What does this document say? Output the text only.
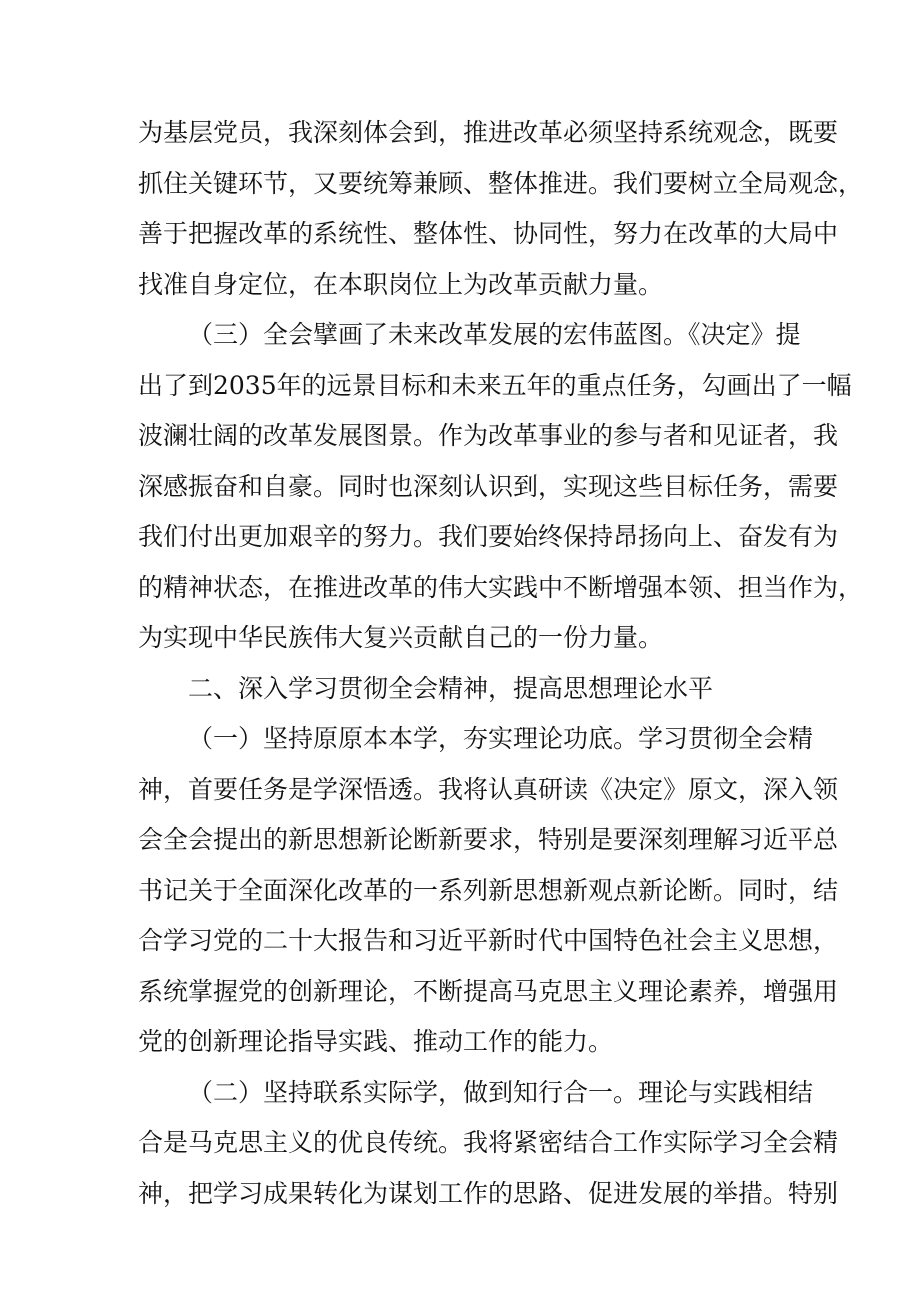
为基层党员，我深刻体会到，推进改革必须坚持系统观念，既要
抓住关键环节，又要统筹兼顾、整体推进。我们要树立全局观念，
善于把握改革的系统性、整体性、协同性，努力在改革的大局中
找准自身定位，在本职岗位上为改革贡献力量。
（三）全会擘画了未来改革发展的宏伟蓝图。《决定》提
出了到2035年的远景目标和未来五年的重点任务，勾画出了一幅
波澜壮阔的改革发展图景。作为改革事业的参与者和见证者，我
深感振奋和自豪。同时也深刻认识到，实现这些目标任务，需要
我们付出更加艰辛的努力。我们要始终保持昂扬向上、奋发有为
的精神状态，在推进改革的伟大实践中不断增强本领、担当作为，
为实现中华民族伟大复兴贡献自己的一份力量。
二、深入学习贯彻全会精神，提高思想理论水平
（一）坚持原原本本学，夯实理论功底。学习贯彻全会精
神，首要任务是学深悟透。我将认真研读《决定》原文，深入领
会全会提出的新思想新论断新要求，特别是要深刻理解习近平总
书记关于全面深化改革的一系列新思想新观点新论断。同时，结
合学习党的二十大报告和习近平新时代中国特色社会主义思想，
系统掌握党的创新理论，不断提高马克思主义理论素养，增强用
党的创新理论指导实践、推动工作的能力。
（二）坚持联系实际学，做到知行合一。理论与实践相结
合是马克思主义的优良传统。我将紧密结合工作实际学习全会精
神，把学习成果转化为谋划工作的思路、促进发展的举措。特别
